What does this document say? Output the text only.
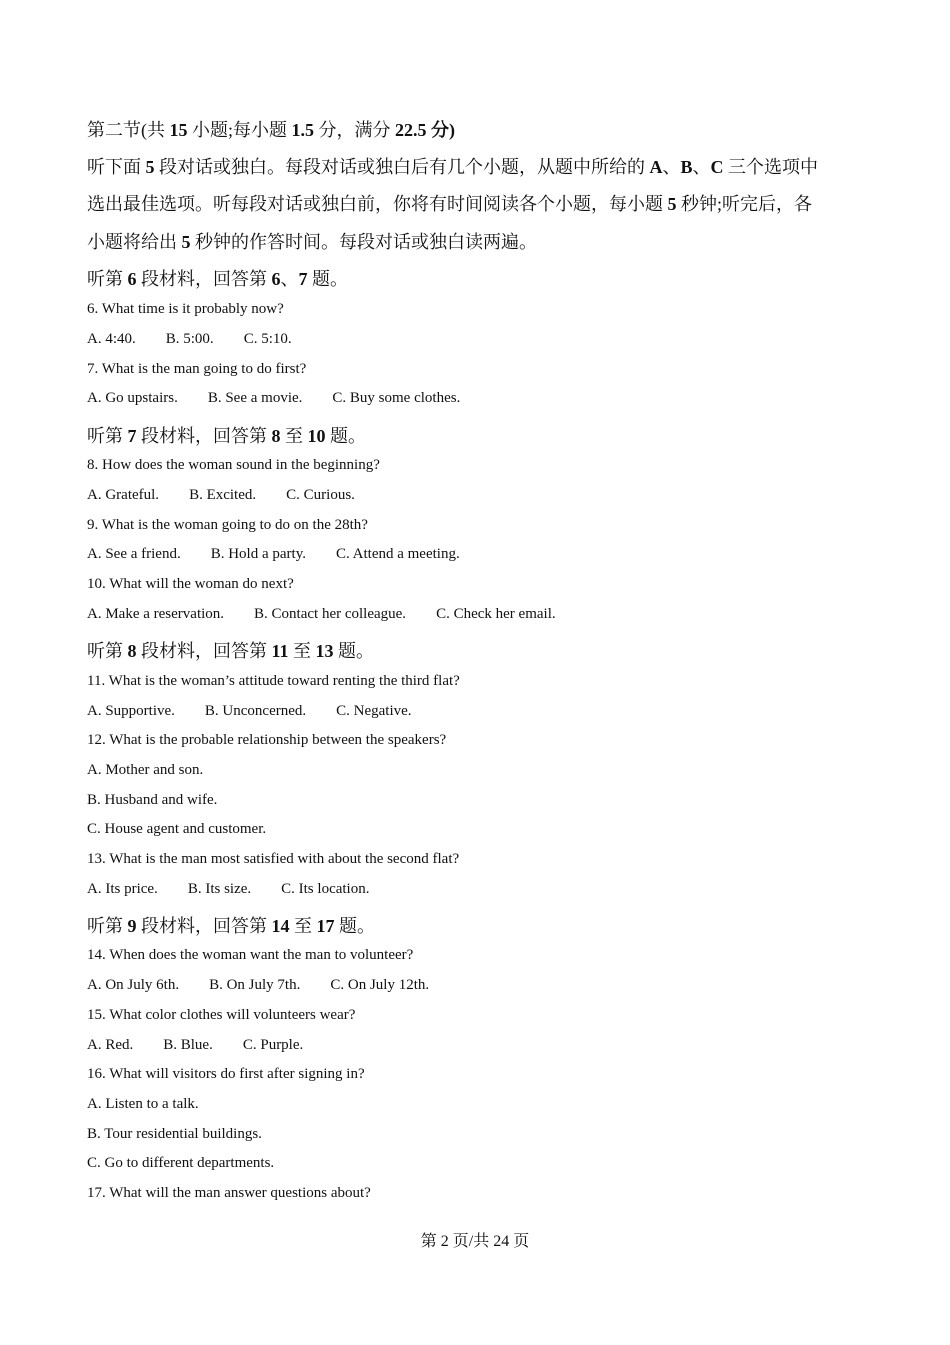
第二节(共 15 小题;每小题 1.5 分，满分 22.5 分)
听下面 5 段对话或独白。每段对话或独白后有几个小题，从题中所给的 A、B、C 三个选项中
选出最佳选项。听每段对话或独白前，你将有时间阅读各个小题，每小题 5 秒钟;听完后，各
小题将给出 5 秒钟的作答时间。每段对话或独白读两遍。
听第 6 段材料，回答第 6、7 题。
6. What time is it probably now?
A. 4:40. B. 5:00. C. 5:10.
7. What is the man going to do first?
A. Go upstairs. B. See a movie. C. Buy some clothes.
听第 7 段材料，回答第 8 至 10 题。
8. How does the woman sound in the beginning?
A. Grateful. B. Excited. C. Curious.
9. What is the woman going to do on the 28th?
A. See a friend. B. Hold a party. C. Attend a meeting.
10. What will the woman do next?
A. Make a reservation. B. Contact her colleague. C. Check her email.
听第 8 段材料，回答第 11 至 13 题。
11. What is the woman’s attitude toward renting the third flat?
A. Supportive. B. Unconcerned. C. Negative.
12. What is the probable relationship between the speakers?
A. Mother and son.
B. Husband and wife.
C. House agent and customer.
13. What is the man most satisfied with about the second flat?
A. Its price. B. Its size. C. Its location.
听第 9 段材料，回答第 14 至 17 题。
14. When does the woman want the man to volunteer?
A. On July 6th. B. On July 7th. C. On July 12th.
15. What color clothes will volunteers wear?
A. Red. B. Blue. C. Purple.
16. What will visitors do first after signing in?
A. Listen to a talk.
B. Tour residential buildings.
C. Go to different departments.
17. What will the man answer questions about?
第 2 页/共 24 页
